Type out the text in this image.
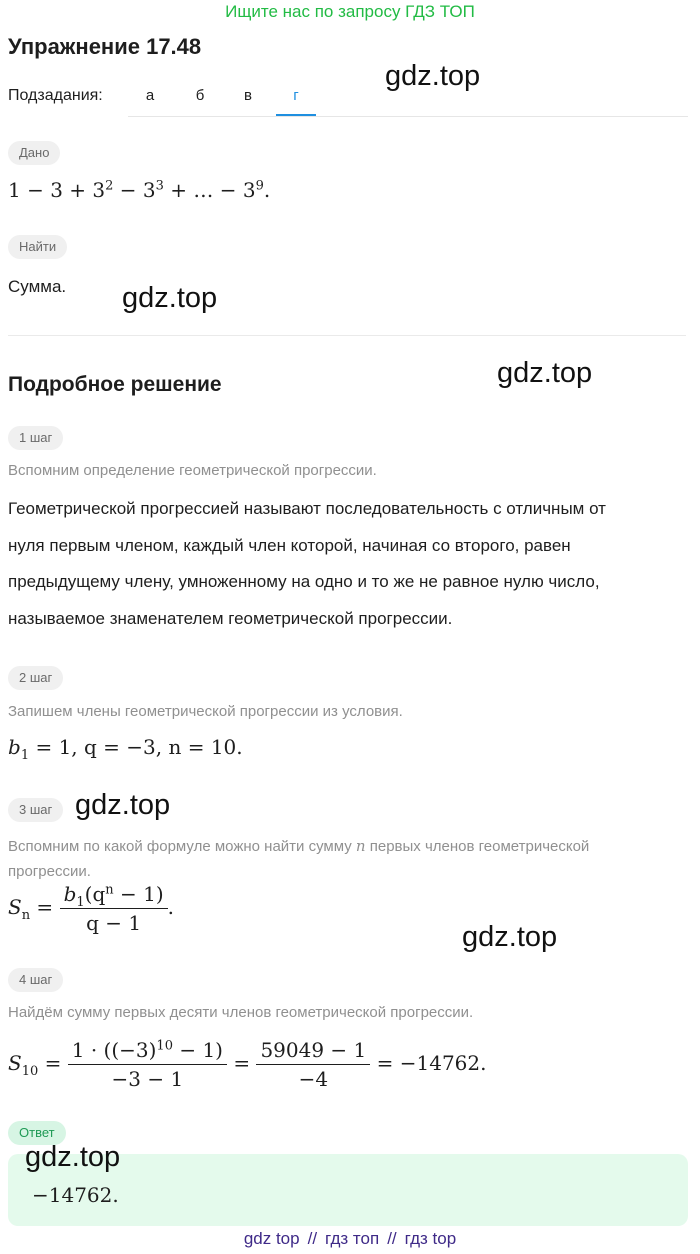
Ищите нас по запросу ГДЗ ТОП
Упражнение 17.48
Подзадания:	а	б	в	г
gdz.top
Дано
$1 - 3 + 3^2 - 3^3$ + … − $3^9$.
Найти
Сумма. gdz.top
gdz.top
Подробное решение
1 шаг
Вспомним определение геометрической прогрессии.
Геометрической прогрессией называют последовательность с отличным от
нуля первым членом, каждый член которой, начиная со второго, равен
предыдущему члену, умноженному на одно и то же не равное нулю число,
называемое знаменателем геометрической прогрессии.
2 шаг
Запишем члены геометрической прогрессии из условия.
$b_1 = 1$, q = −3, n = 10.
3 шаг gdz.top
Вспомним по какой формуле можно найти сумму n первых членов геометрической
прогрессии.
$S_n = \frac{b_1(q^n - 1)}{q - 1}$ .
gdz.top
4 шаг
Найдём сумму первых десяти членов геометрической прогрессии.
$S_{10} = \frac{1 \cdot ((-3)^{10} - 1)}{-3 - 1} = \frac{59049 - 1}{-4} = -14762$.
Ответ
gdz.top
−14762.
gdz top // гдз топ // гдз top
